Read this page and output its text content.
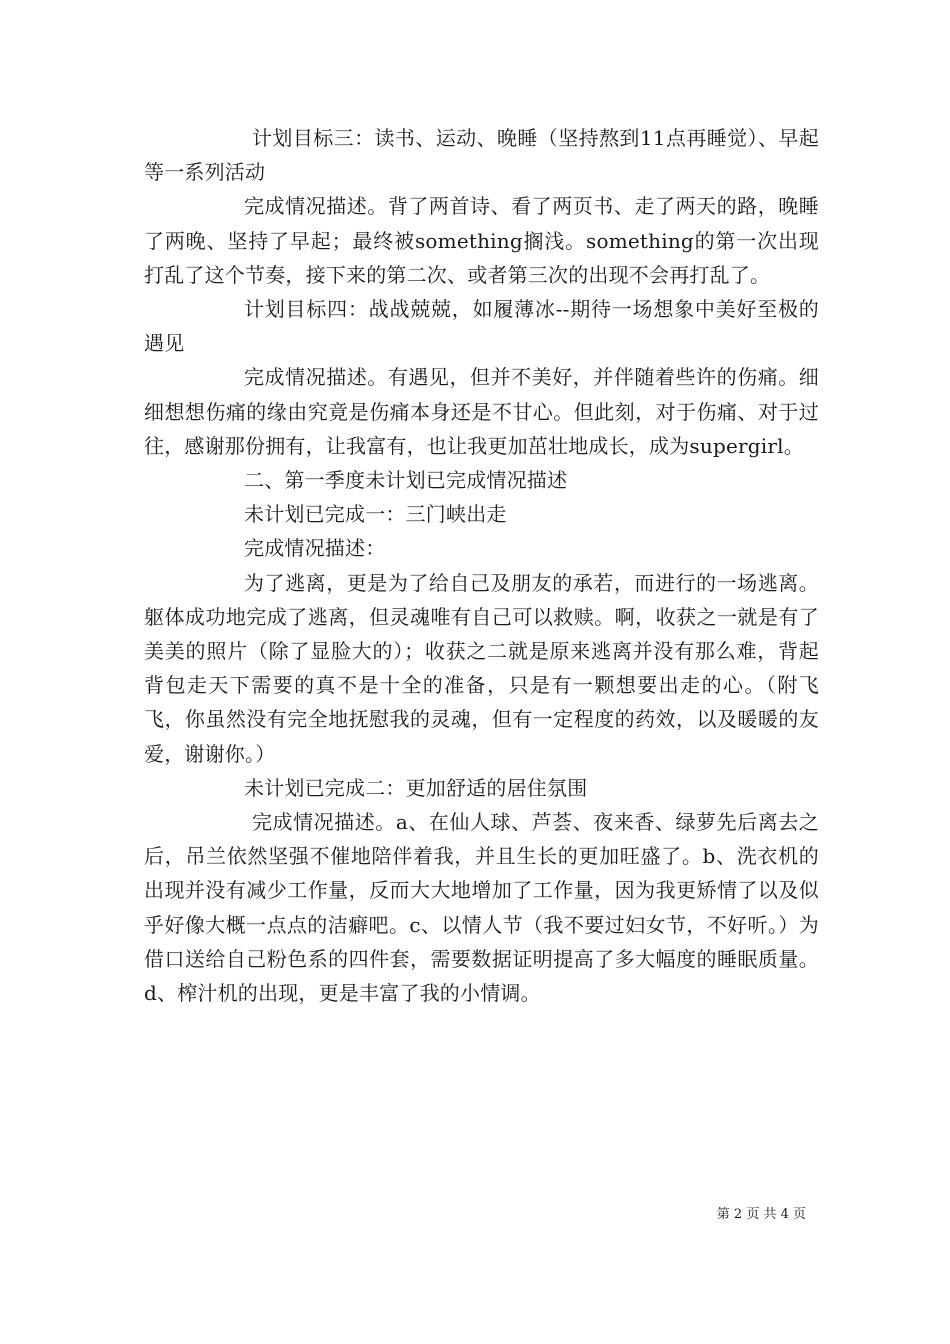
计划目标三：读书、运动、晚睡（坚持熬到11点再睡觉）、早起等一系列活动

完成情况描述。背了两首诗、看了两页书、走了两天的路，晚睡了两晚、坚持了早起；最终被something搁浅。something的第一次出现打乱了这个节奏，接下来的第二次、或者第三次的出现不会再打乱了。

计划目标四：战战兢兢，如履薄冰--期待一场想象中美好至极的遇见

完成情况描述。有遇见，但并不美好，并伴随着些许的伤痛。细细想想伤痛的缘由究竟是伤痛本身还是不甘心。但此刻，对于伤痛、对于过往，感谢那份拥有，让我富有，也让我更加茁壮地成长，成为supergirl。

二、第一季度未计划已完成情况描述

未计划已完成一：三门峡出走

完成情况描述：

为了逃离，更是为了给自己及朋友的承若，而进行的一场逃离。躯体成功地完成了逃离，但灵魂唯有自己可以救赎。啊，收获之一就是有了美美的照片（除了显脸大的）；收获之二就是原来逃离并没有那么难，背起背包走天下需要的真不是十全的准备，只是有一颗想要出走的心。（附飞飞，你虽然没有完全地抚慰我的灵魂，但有一定程度的药效，以及暖暖的友爱，谢谢你。）

未计划已完成二：更加舒适的居住氛围

完成情况描述。a、在仙人球、芦荟、夜来香、绿萝先后离去之后，吊兰依然坚强不催地陪伴着我，并且生长的更加旺盛了。b、洗衣机的出现并没有减少工作量，反而大大地增加了工作量，因为我更矫情了以及似乎好像大概一点点的洁癖吧。c、以情人节（我不要过妇女节，不好听。）为借口送给自己粉色系的四件套，需要数据证明提高了多大幅度的睡眠质量。d、榨汁机的出现，更是丰富了我的小情调。

第 2 页 共 4 页
